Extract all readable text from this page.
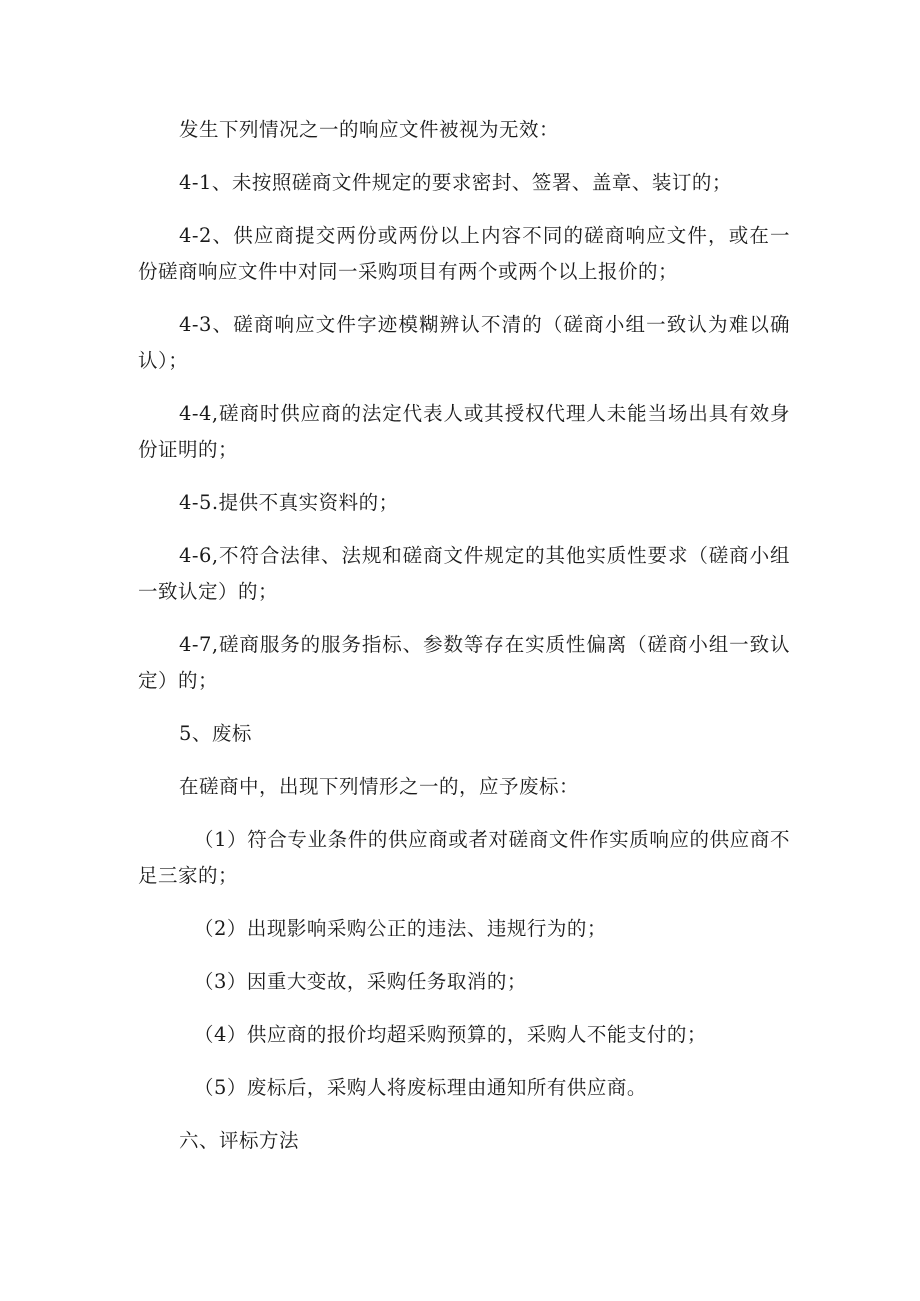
发生下列情况之一的响应文件被视为无效：

4-1、未按照磋商文件规定的要求密封、签署、盖章、装订的；

4-2、供应商提交两份或两份以上内容不同的磋商响应文件，或在一份磋商响应文件中对同一采购项目有两个或两个以上报价的；

4-3、磋商响应文件字迹模糊辨认不清的（磋商小组一致认为难以确认）；

4-4,磋商时供应商的法定代表人或其授权代理人未能当场出具有效身份证明的；

4-5.提供不真实资料的；

4-6,不符合法律、法规和磋商文件规定的其他实质性要求（磋商小组一致认定）的；

4-7,磋商服务的服务指标、参数等存在实质性偏离（磋商小组一致认定）的；

5、废标

在磋商中，出现下列情形之一的，应予废标：

（1）符合专业条件的供应商或者对磋商文件作实质响应的供应商不足三家的；

（2）出现影响采购公正的违法、违规行为的；

（3）因重大变故，采购任务取消的；

（4）供应商的报价均超采购预算的，采购人不能支付的；

（5）废标后，采购人将废标理由通知所有供应商。

六、评标方法
